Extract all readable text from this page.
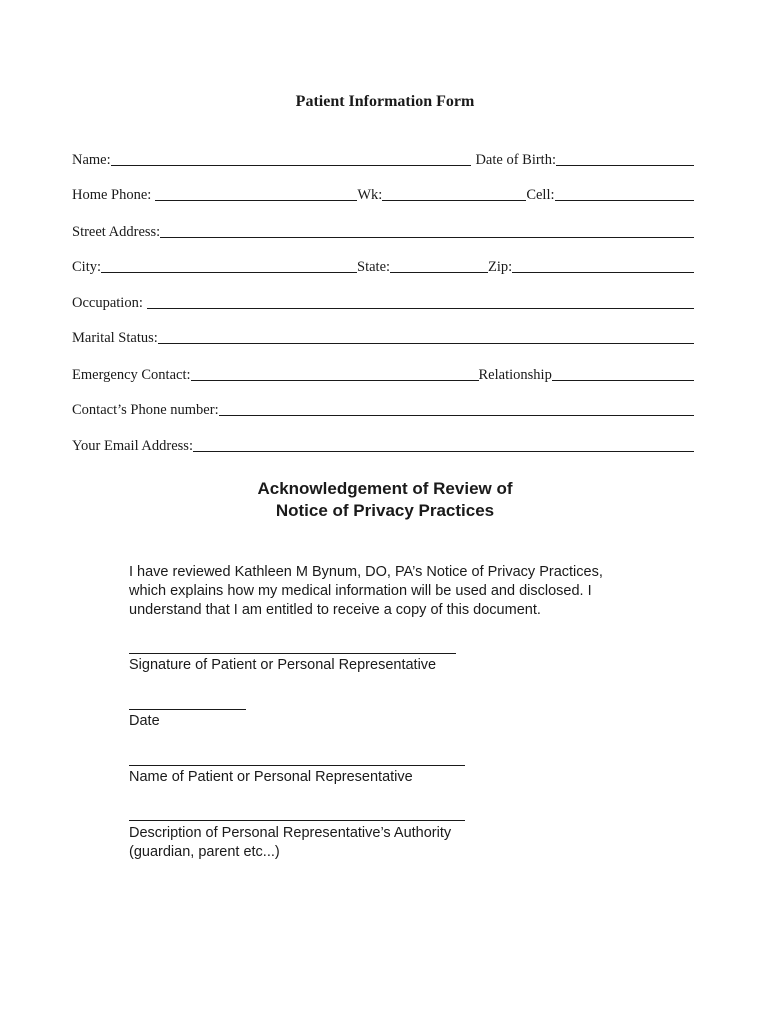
Patient Information Form
Name:	Date of Birth:
Home Phone:	Wk:	Cell:
Street Address:
City:	State:	Zip:
Occupation:
Marital Status:
Emergency Contact:	Relationship
Contact’s Phone number:
Your Email Address:
Acknowledgement of Review of
Notice of Privacy Practices
I have reviewed Kathleen M Bynum, DO, PA’s Notice of Privacy Practices,
which explains how my medical information will be used and disclosed. I
understand that I am entitled to receive a copy of this document.
Signature of Patient or Personal Representative
Date
Name of Patient or Personal Representative
Description of Personal Representative’s Authority
(guardian, parent etc...)
